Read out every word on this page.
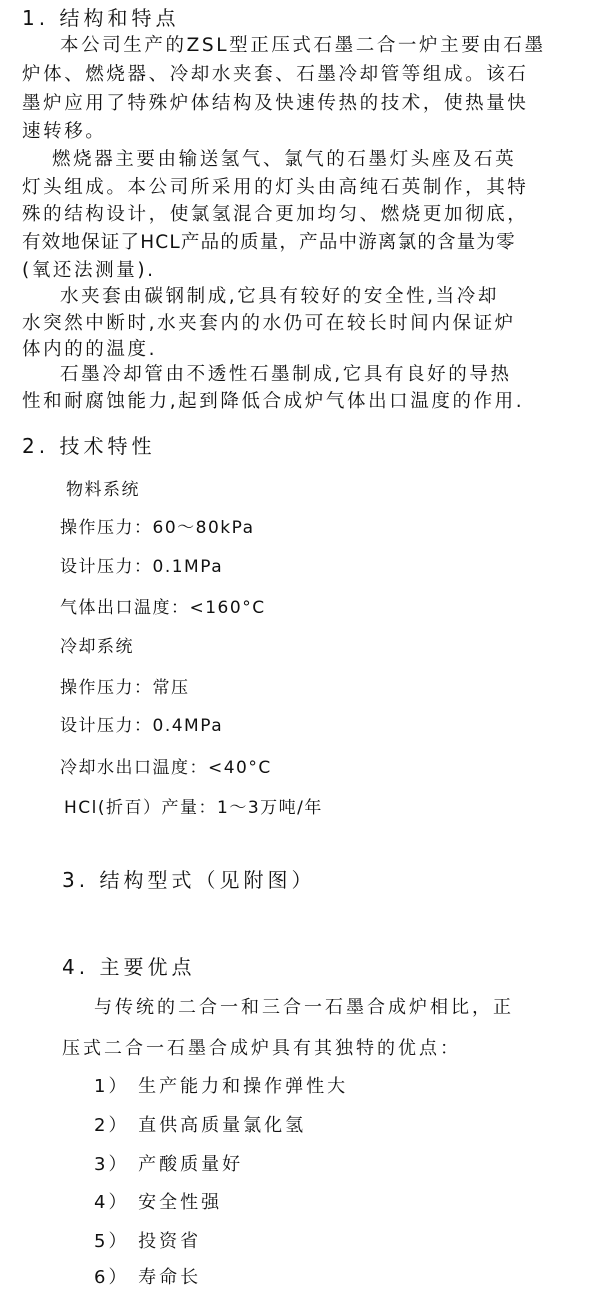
1. 结构和特点
本公司生产的ZSL型正压式石墨二合一炉主要由石墨
炉体、燃烧器、冷却水夹套、石墨冷却管等组成。该石
墨炉应用了特殊炉体结构及快速传热的技术，使热量快
速转移。
燃烧器主要由输送氢气、氯气的石墨灯头座及石英
灯头组成。本公司所采用的灯头由高纯石英制作，其特
殊的结构设计，使氯氢混合更加均匀、燃烧更加彻底，
有效地保证了HCL产品的质量，产品中游离氯的含量为零
(氧还法测量).
水夹套由碳钢制成,它具有较好的安全性,当冷却
水突然中断时,水夹套内的水仍可在较长时间内保证炉
体内的的温度.
石墨冷却管由不透性石墨制成,它具有良好的导热
性和耐腐蚀能力,起到降低合成炉气体出口温度的作用.
2. 技术特性
物料系统
操作压力：60～80kPa
设计压力：0.1MPa
气体出口温度：<160°C
冷却系统
操作压力：常压
设计压力：0.4MPa
冷却水出口温度：<40°C
HCl(折百）产量：1～3万吨/年
3. 结构型式（见附图）
4. 主要优点
与传统的二合一和三合一石墨合成炉相比，正
压式二合一石墨合成炉具有其独特的优点：
1） 生产能力和操作弹性大
2） 直供高质量氯化氢
3） 产酸质量好
4） 安全性强
5） 投资省
6） 寿命长
